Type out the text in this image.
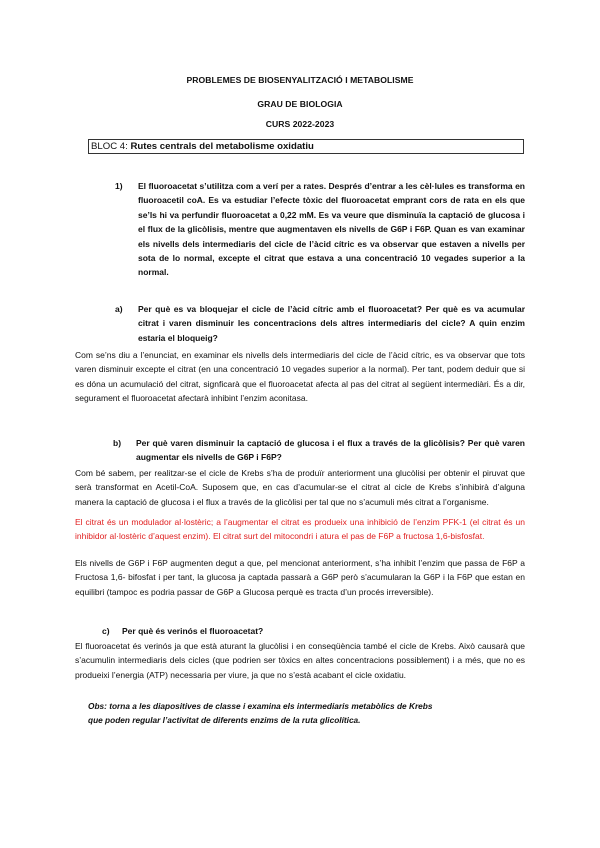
PROBLEMES DE BIOSENYALITZACIÓ I METABOLISME
GRAU DE BIOLOGIA
CURS 2022-2023
BLOC 4: Rutes centrals del metabolisme oxidatiu
1) El fluoroacetat s’utilitza com a verí per a rates. Després d’entrar a les cèl·lules es transforma en fluoroacetil coA. Es va estudiar l’efecte tòxic del fluoroacetat emprant cors de rata en els que se’ls hi va perfundir fluoroacetat a 0,22 mM. Es va veure que disminuïa la captació de glucosa i el flux de la glicòlisis, mentre que augmentaven els nivells de G6P i F6P. Quan es van examinar els nivells dels intermediaris del cicle de l’àcid cítric es va observar que estaven a nivells per sota de lo normal, excepte el citrat que estava a una concentració 10 vegades superior a la normal.
a) Per què es va bloquejar el cicle de l’àcid cítric amb el fluoroacetat? Per què es va acumular citrat i varen disminuir les concentracions dels altres intermediaris del cicle? A quin enzim estaria el bloqueig?
Com se’ns diu a l’enunciat, en examinar els nivells dels intermediaris del cicle de l’àcid cítric, es va observar que tots varen disminuir excepte el citrat (en una concentració 10 vegades superior a la normal). Per tant, podem deduir que si es dóna un acumulació del citrat, signficarà que el fluoroacetat afecta al pas del citrat al següent intermediàri. És a dir, segurament el fluoroacetat afectarà inhibint l’enzim aconitasa.
b) Per què varen disminuir la captació de glucosa i el flux a través de la glicòlisis? Per què varen augmentar els nivells de G6P i F6P?
Com bé sabem, per realitzar-se el cicle de Krebs s’ha de produïr anteriorment una glucòlisi per obtenir el piruvat que serà transformat en Acetil-CoA. Suposem que, en cas d’acumular-se el citrat al cicle de Krebs s’inhibirà d’alguna manera la captació de glucosa i el flux a través de la glicòlisi per tal que no s’acumuli més citrat a l’organisme.
El citrat és un modulador al·lostèric; a l’augmentar el citrat es produeix una inhibició de l’enzim PFK-1 (el citrat és un inhibidor al·lostèric d’aquest enzim). El citrat surt del mitocondri i atura el pas de F6P a fructosa 1,6-bisfosfat.
Els nivells de G6P i F6P augmenten degut a que, pel mencionat anteriorment, s’ha inhibit l’enzim que passa de F6P a Fructosa 1,6- bifosfat i per tant, la glucosa ja captada passarà a G6P però s’acumularan la G6P i la F6P que estan en equilibri (tampoc es podria passar de G6P a Glucosa perquè es tracta d’un procés irreversible).
c) Per què és verinós el fluoroacetat?
El fluoroacetat és verinós ja que està aturant la glucòlisi i en conseqüència també el cicle de Krebs. Això causarà que s’acumulin intermediaris dels cicles (que podrien ser tòxics en altes concentracions possiblement) i a més, que no es produeixi l’energia (ATP) necessaria per viure, ja que no s’està acabant el cicle oxidatiu.
Obs: torna a les diapositives de classe i examina els intermediaris metabòlics de Krebs que poden regular l’activitat de diferents enzims de la ruta glicolítica.
